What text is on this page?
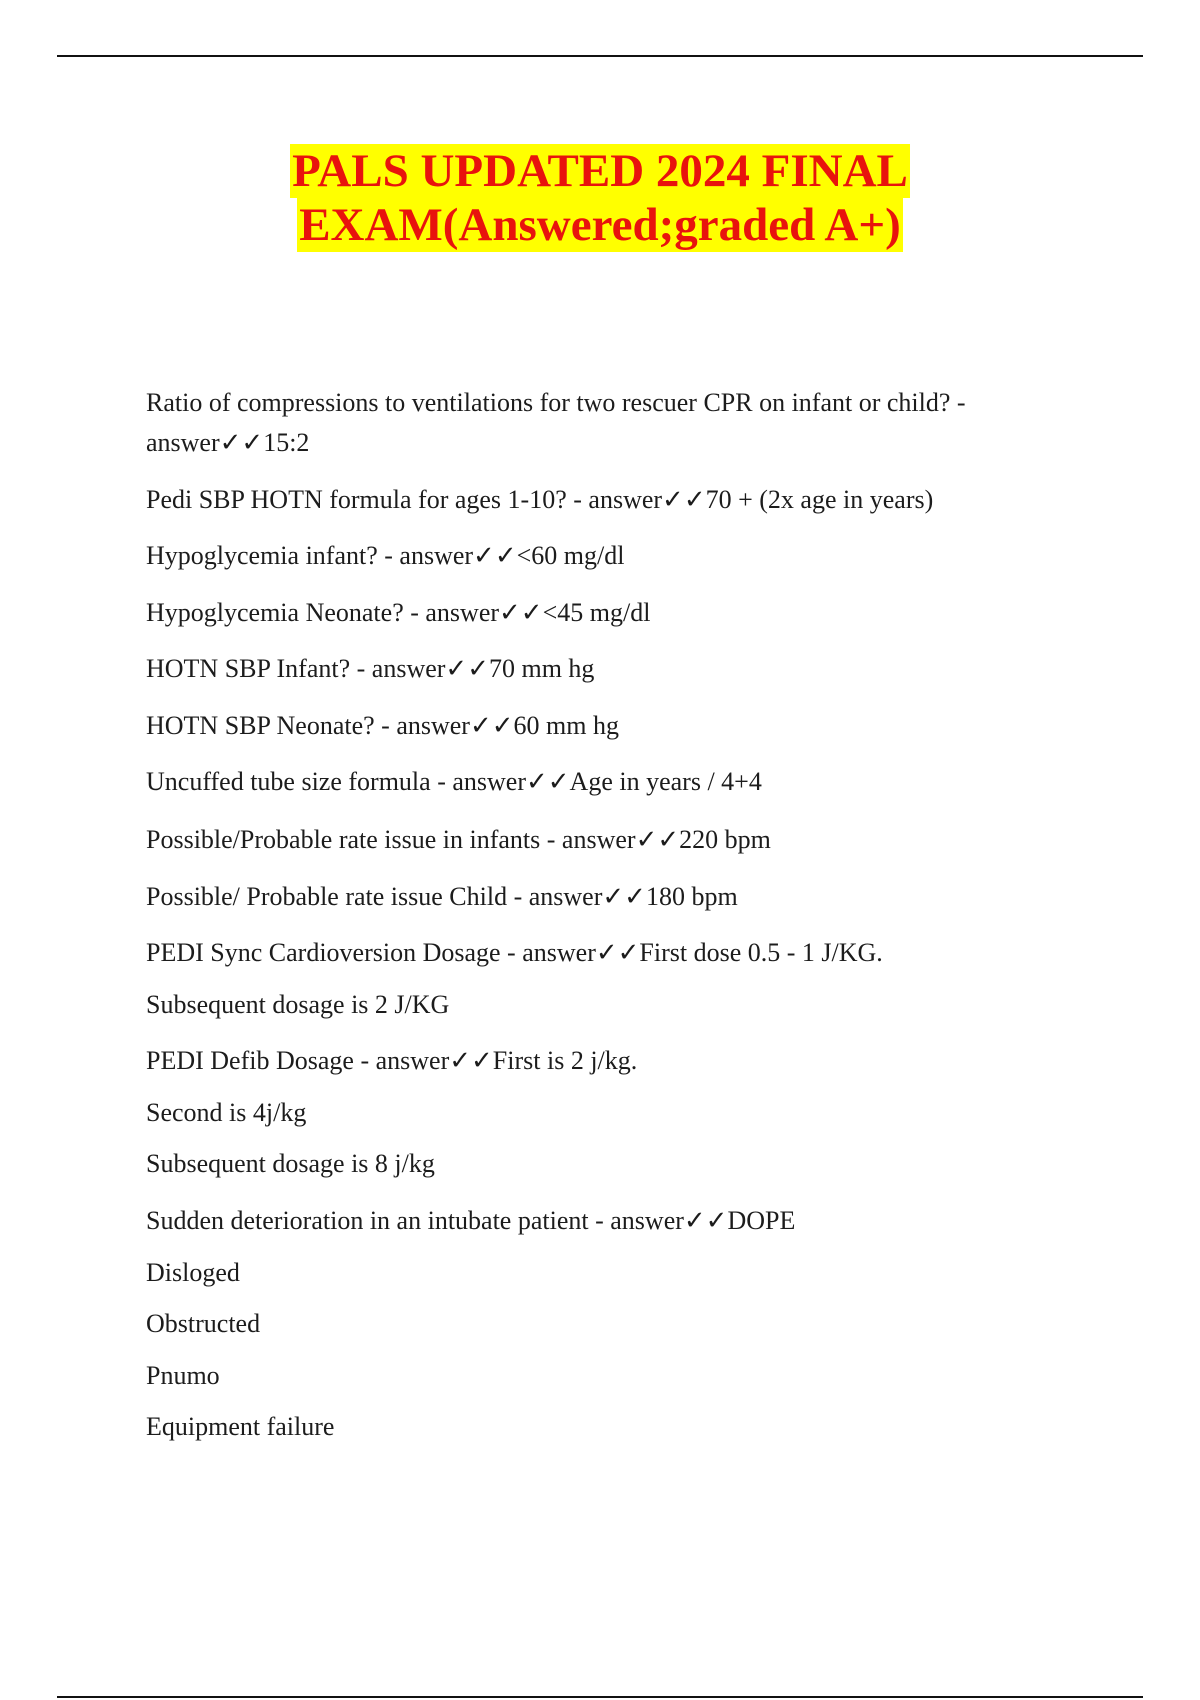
PALS UPDATED 2024 FINAL
EXAM(Answered;graded A+)
Ratio of compressions to ventilations for two rescuer CPR on infant or child? -
answer✓✓15:2
Pedi SBP HOTN formula for ages 1-10? - answer✓✓70 + (2x age in years)
Hypoglycemia infant? - answer✓✓<60 mg/dl
Hypoglycemia Neonate? - answer✓✓<45 mg/dl
HOTN SBP Infant? - answer✓✓70 mm hg
HOTN SBP Neonate? - answer✓✓60 mm hg
Uncuffed tube size formula - answer✓✓Age in years / 4+4
Possible/Probable rate issue in infants - answer✓✓220 bpm
Possible/ Probable rate issue Child - answer✓✓180 bpm
PEDI Sync Cardioversion Dosage - answer✓✓First dose 0.5 - 1 J/KG.
Subsequent dosage is 2 J/KG
PEDI Defib Dosage - answer✓✓First is 2 j/kg.
Second is 4j/kg
Subsequent dosage is 8 j/kg
Sudden deterioration in an intubate patient - answer✓✓DOPE
Disloged
Obstructed
Pnumo
Equipment failure
